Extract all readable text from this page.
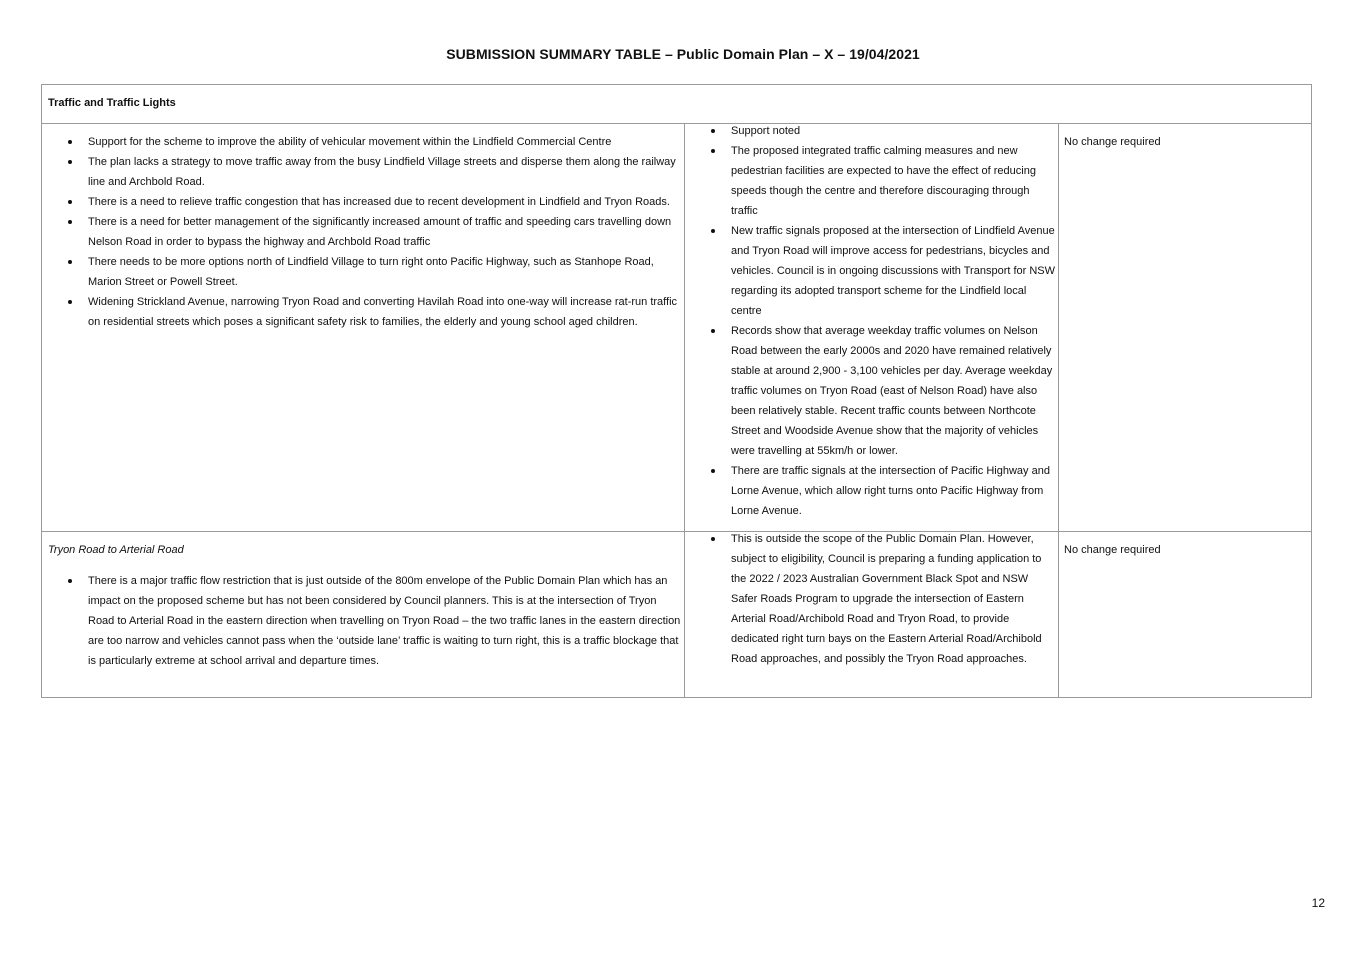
SUBMISSION SUMMARY TABLE – Public Domain Plan – X – 19/04/2021
Traffic and Traffic Lights
Support for the scheme to improve the ability of vehicular movement within the Lindfield Commercial Centre
The plan lacks a strategy to move traffic away from the busy Lindfield Village streets and disperse them along the railway line and Archbold Road.
There is a need to relieve traffic congestion that has increased due to recent development in Lindfield and Tryon Roads.
There is a need for better management of the significantly increased amount of traffic and speeding cars travelling down Nelson Road in order to bypass the highway and Archbold Road traffic
There needs to be more options north of Lindfield Village to turn right onto Pacific Highway, such as Stanhope Road, Marion Street or Powell Street.
Widening Strickland Avenue, narrowing Tryon Road and converting Havilah Road into one-way will increase rat-run traffic on residential streets which poses a significant safety risk to families, the elderly and young school aged children.
Support noted
The proposed integrated traffic calming measures and new pedestrian facilities are expected to have the effect of reducing speeds though the centre and therefore discouraging through traffic
New traffic signals proposed at the intersection of Lindfield Avenue and Tryon Road will improve access for pedestrians, bicycles and vehicles. Council is in ongoing discussions with Transport for NSW regarding its adopted transport scheme for the Lindfield local centre
Records show that average weekday traffic volumes on Nelson Road between the early 2000s and 2020 have remained relatively stable at around 2,900 - 3,100 vehicles per day. Average weekday traffic volumes on Tryon Road (east of Nelson Road) have also been relatively stable. Recent traffic counts between Northcote Street and Woodside Avenue show that the majority of vehicles were travelling at 55km/h or lower.
There are traffic signals at the intersection of Pacific Highway and Lorne Avenue, which allow right turns onto Pacific Highway from Lorne Avenue.
No change required
Tryon Road to Arterial Road
There is a major traffic flow restriction that is just outside of the 800m envelope of the Public Domain Plan which has an impact on the proposed scheme but has not been considered by Council planners. This is at the intersection of Tryon Road to Arterial Road in the eastern direction when travelling on Tryon Road – the two traffic lanes in the eastern direction are too narrow and vehicles cannot pass when the ‘outside lane’ traffic is waiting to turn right, this is a traffic blockage that is particularly extreme at school arrival and departure times.
This is outside the scope of the Public Domain Plan. However, subject to eligibility, Council is preparing a funding application to the 2022 / 2023 Australian Government Black Spot and NSW Safer Roads Program to upgrade the intersection of Eastern Arterial Road/Archibold Road and Tryon Road, to provide dedicated right turn bays on the Eastern Arterial Road/Archibold Road approaches, and possibly the Tryon Road approaches.
No change required
12
